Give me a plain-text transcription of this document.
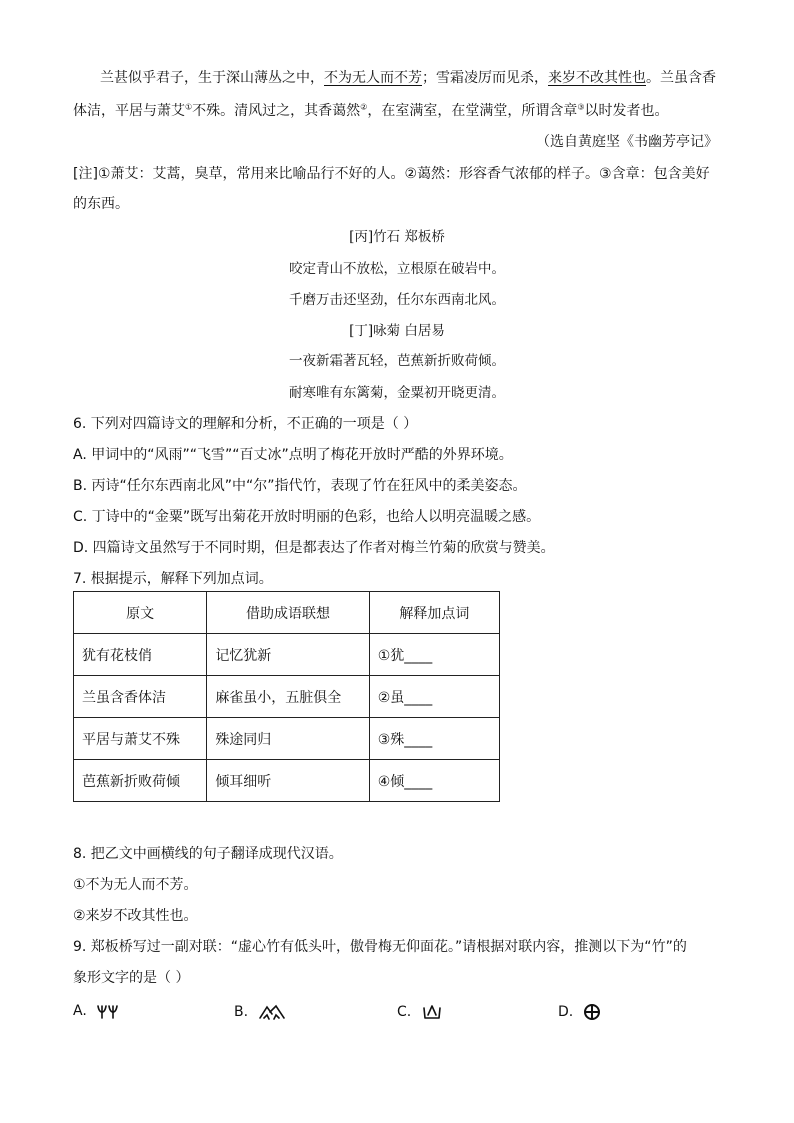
兰甚似乎君子，生于深山薄丛之中，不为无人而不芳；雪霜凌厉而见杀，来岁不改其性也。兰虽含香
体洁，平居与萧艾①不殊。清风过之，其香蔼然②，在室满室，在堂满堂，所谓含章③以时发者也。
（选自黄庭坚《书幽芳亭记》
[注]①萧艾：艾蒿，臭草，常用来比喻品行不好的人。②蔼然：形容香气浓郁的样子。③含章：包含美好
的东西。
[丙]竹石 郑板桥
咬定青山不放松，立根原在破岩中。
千磨万击还坚劲，任尔东西南北风。
[丁]咏菊 白居易
一夜新霜著瓦轻，芭蕉新折败荷倾。
耐寒唯有东篱菊，金粟初开晓更清。
6. 下列对四篇诗文的理解和分析，不正确的一项是（ ）
A. 甲词中的“风雨”“飞雪”“百丈冰”点明了梅花开放时严酷的外界环境。
B. 丙诗“任尔东西南北风”中“尔”指代竹，表现了竹在狂风中的柔美姿态。
C. 丁诗中的“金粟”既写出菊花开放时明丽的色彩，也给人以明亮温暖之感。
D. 四篇诗文虽然写于不同时期，但是都表达了作者对梅兰竹菊的欣赏与赞美。
7. 根据提示，解释下列加点词。
原文	借助成语联想	解释加点词
犹有花枝俏	记忆犹新	①犹____
兰虽含香体洁	麻雀虽小，五脏俱全	②虽____
平居与萧艾不殊	殊途同归	③殊____
芭蕉新折败荷倾	倾耳细听	④倾____
8. 把乙文中画横线的句子翻译成现代汉语。
①不为无人而不芳。
②来岁不改其性也。
9. 郑板桥写过一副对联：“虚心竹有低头叶，傲骨梅无仰面花。”请根据对联内容，推测以下为“竹”的
象形文字的是（ ）
A.	B.	C.	D.
